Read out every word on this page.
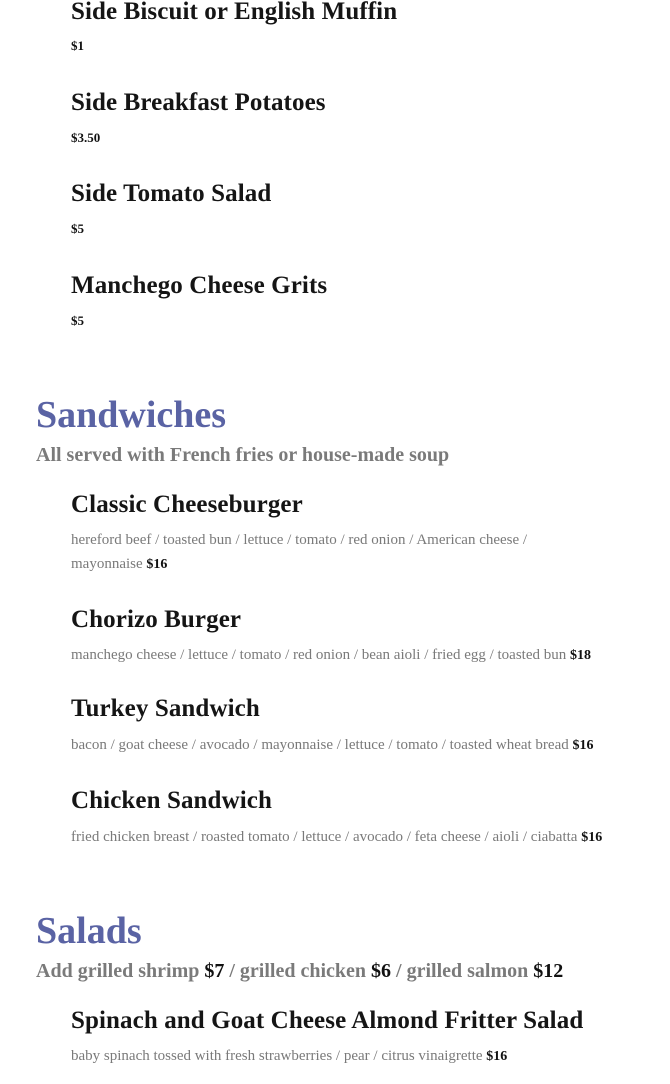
Side Biscuit or English Muffin
$1
Side Breakfast Potatoes
$3.50
Side Tomato Salad
$5
Manchego Cheese Grits
$5
Sandwiches
All served with French fries or house-made soup
Classic Cheeseburger
hereford beef / toasted bun / lettuce / tomato / red onion / American cheese / mayonnaise $16
Chorizo Burger
manchego cheese / lettuce / tomato / red onion / bean aioli / fried egg / toasted bun $18
Turkey Sandwich
bacon / goat cheese / avocado / mayonnaise / lettuce / tomato / toasted wheat bread $16
Chicken Sandwich
fried chicken breast / roasted tomato / lettuce / avocado / feta cheese / aioli / ciabatta $16
Salads
Add grilled shrimp $7 / grilled chicken $6 / grilled salmon $12
Spinach and Goat Cheese Almond Fritter Salad
baby spinach tossed with fresh strawberries / pear / citrus vinaigrette $16
